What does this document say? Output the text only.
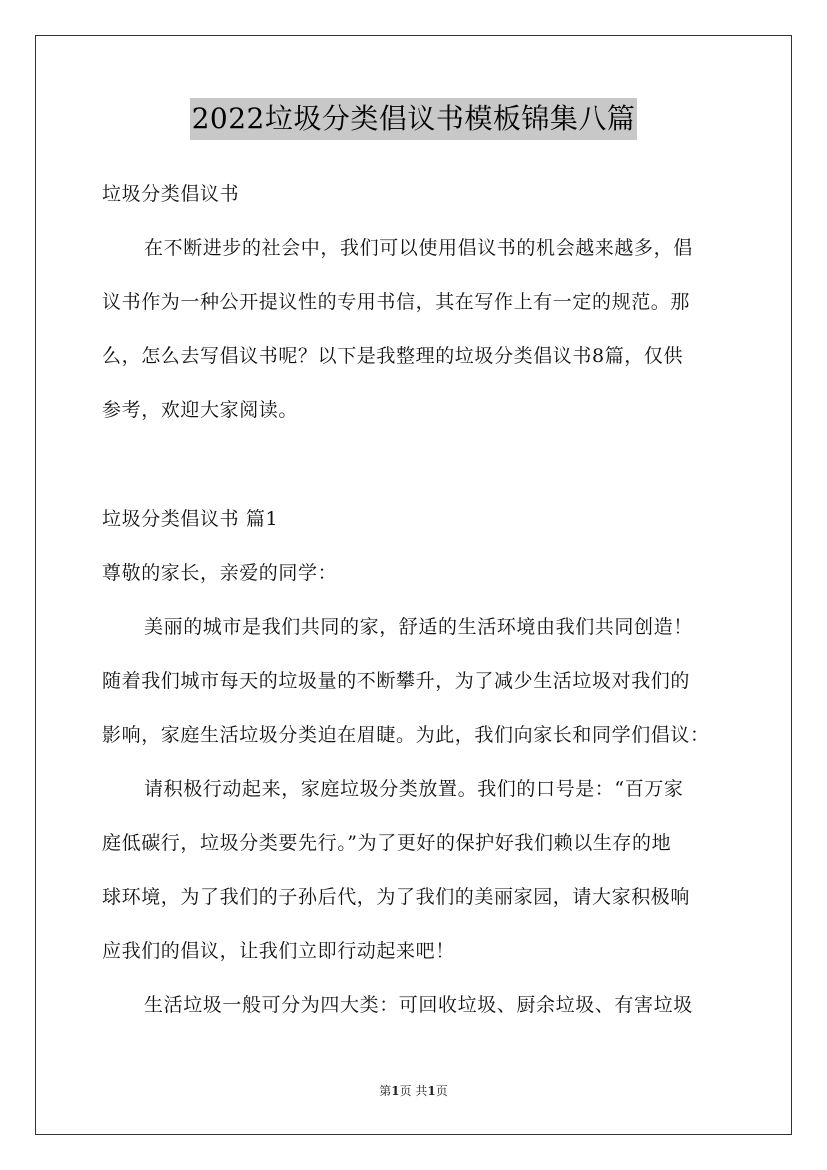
2022垃圾分类倡议书模板锦集八篇
垃圾分类倡议书
在不断进步的社会中，我们可以使用倡议书的机会越来越多，倡
议书作为一种公开提议性的专用书信，其在写作上有一定的规范。那
么，怎么去写倡议书呢？以下是我整理的垃圾分类倡议书8篇，仅供
参考，欢迎大家阅读。
垃圾分类倡议书 篇1
尊敬的家长，亲爱的同学：
美丽的城市是我们共同的家，舒适的生活环境由我们共同创造！
随着我们城市每天的垃圾量的不断攀升，为了减少生活垃圾对我们的
影响，家庭生活垃圾分类迫在眉睫。为此，我们向家长和同学们倡议：
请积极行动起来，家庭垃圾分类放置。我们的口号是：“百万家
庭低碳行，垃圾分类要先行。”为了更好的保护好我们赖以生存的地
球环境，为了我们的子孙后代，为了我们的美丽家园，请大家积极响
应我们的倡议，让我们立即行动起来吧！
生活垃圾一般可分为四大类：可回收垃圾、厨余垃圾、有害垃圾
第1页 共1页
